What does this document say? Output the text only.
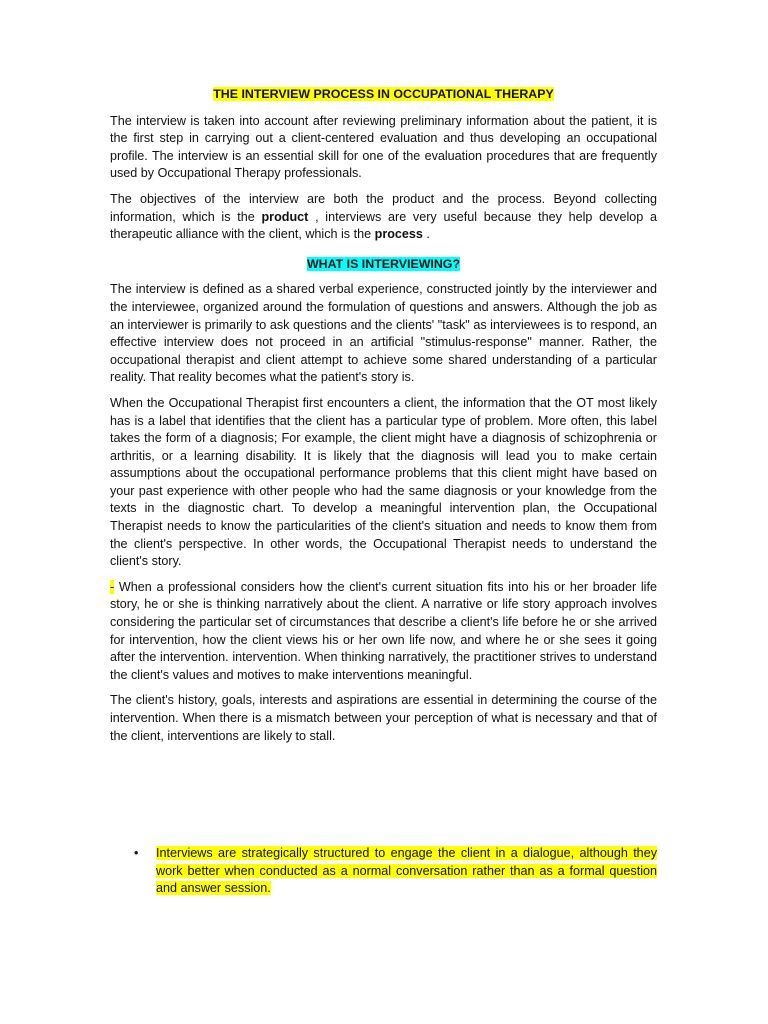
THE INTERVIEW PROCESS IN OCCUPATIONAL THERAPY

The interview is taken into account after reviewing preliminary information about the patient, it is the first step in carrying out a client-centered evaluation and thus developing an occupational profile. The interview is an essential skill for one of the evaluation procedures that are frequently used by Occupational Therapy professionals.

The objectives of the interview are both the product and the process. Beyond collecting information, which is the product , interviews are very useful because they help develop a therapeutic alliance with the client, which is the process .

WHAT IS INTERVIEWING?

The interview is defined as a shared verbal experience, constructed jointly by the interviewer and the interviewee, organized around the formulation of questions and answers. Although the job as an interviewer is primarily to ask questions and the clients' "task" as interviewees is to respond, an effective interview does not proceed in an artificial "stimulus-response" manner. Rather, the occupational therapist and client attempt to achieve some shared understanding of a particular reality. That reality becomes what the patient's story is.

When the Occupational Therapist first encounters a client, the information that the OT most likely has is a label that identifies that the client has a particular type of problem. More often, this label takes the form of a diagnosis; For example, the client might have a diagnosis of schizophrenia or arthritis, or a learning disability. It is likely that the diagnosis will lead you to make certain assumptions about the occupational performance problems that this client might have based on your past experience with other people who had the same diagnosis or your knowledge from the texts in the diagnostic chart. To develop a meaningful intervention plan, the Occupational Therapist needs to know the particularities of the client's situation and needs to know them from the client's perspective. In other words, the Occupational Therapist needs to understand the client's story.

- When a professional considers how the client's current situation fits into his or her broader life story, he or she is thinking narratively about the client. A narrative or life story approach involves considering the particular set of circumstances that describe a client's life before he or she arrived for intervention, how the client views his or her own life now, and where he or she sees it going after the intervention. intervention. When thinking narratively, the practitioner strives to understand the client's values and motives to make interventions meaningful.

The client's history, goals, interests and aspirations are essential in determining the course of the intervention. When there is a mismatch between your perception of what is necessary and that of the client, interventions are likely to stall.

• Interviews are strategically structured to engage the client in a dialogue, although they work better when conducted as a normal conversation rather than as a formal question and answer session.
